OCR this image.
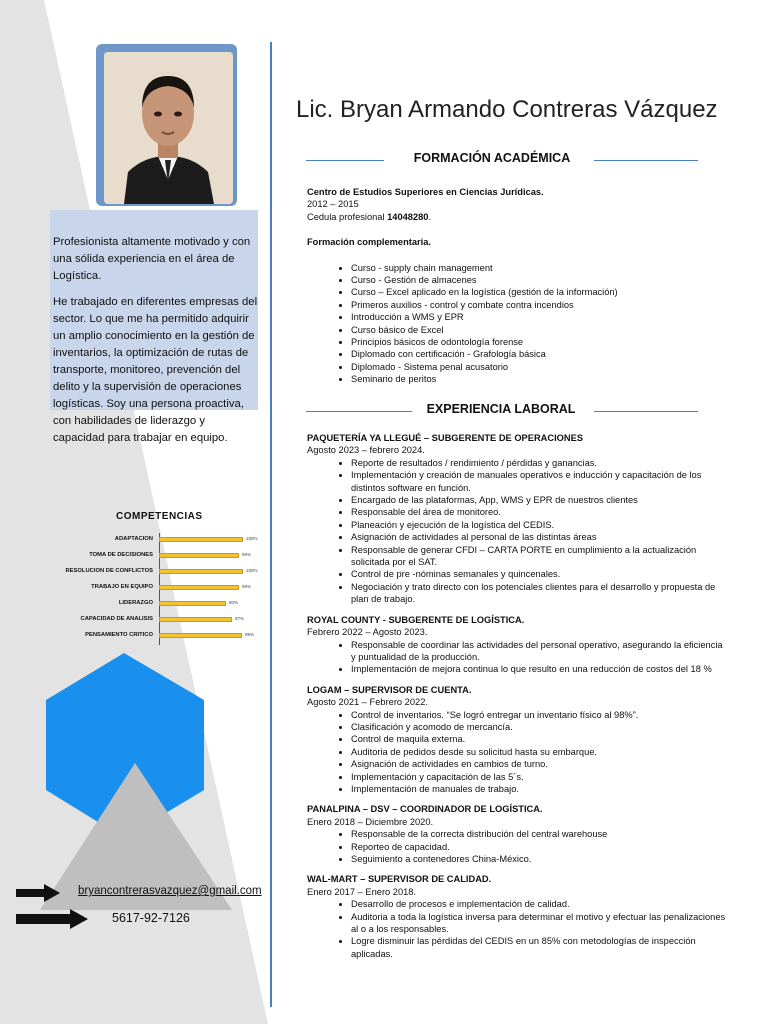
Profesionista altamente motivado y con una sólida experiencia en el área de Logística.

He trabajado en diferentes empresas del sector. Lo que me ha permitido adquirir un amplio conocimiento en la gestión de inventarios, la optimización de rutas de transporte, monitoreo, prevención del delito y la supervisión de operaciones logísticas. Soy una persona proactiva, con habilidades de liderazgo y capacidad para trabajar en equipo.

COMPETENCIAS
ADAPTACION	100%
TOMA DE DECISIONES	95%
RESOLUCION DE CONFLICTOS	100%
TRABAJO EN EQUIPO	95%
LIDERAZGO	80%
CAPACIDAD DE ANALISIS	87%
PENSAMIENTO CRITICO	99%
bryancontrerasvazquez@gmail.com
5617-92-7126
Lic. Bryan Armando Contreras Vázquez
FORMACIÓN ACADÉMICA
Centro de Estudios Superiores en Ciencias Jurídicas.
2012 – 2015
Cedula profesional 14048280.
Formación complementaria.
• Curso - supply chain management
• Curso - Gestión de almacenes
• Curso – Excel aplicado en la logística (gestión de la información)
• Primeros auxilios - control y combate contra incendios
• Introducción a WMS y EPR
• Curso básico de Excel
• Principios básicos de odontología forense
• Diplomado con certificación - Grafología básica
• Diplomado - Sistema penal acusatorio
• Seminario de peritos
EXPERIENCIA LABORAL
PAQUETERÍA YA LLEGUÉ – SUBGERENTE DE OPERACIONES
Agosto 2023 – febrero 2024.
• Reporte de resultados / rendimiento / pérdidas y ganancias.
• Implementación y creación de manuales operativos e inducción y capacitación de los distintos software en función.
• Encargado de las plataformas, App, WMS y EPR de nuestros clientes
• Responsable del área de monitoreo.
• Planeación y ejecución de la logística del CEDIS.
• Asignación de actividades al personal de las distintas áreas
• Responsable de generar CFDI – CARTA PORTE en cumplimiento a la actualización solicitada por el SAT.
• Control de pre -nóminas semanales y quincenales.
• Negociación y trato directo con los potenciales clientes para el desarrollo y propuesta de plan de trabajo.
ROYAL COUNTY - SUBGERENTE DE LOGÍSTICA.
Febrero 2022 – Agosto 2023.
• Responsable de coordinar las actividades del personal operativo, asegurando la eficiencia y puntualidad de la producción.
• Implementación de mejora continua lo que resulto en una reducción de costos del 18 %
LOGAM – SUPERVISOR DE CUENTA.
Agosto 2021 – Febrero 2022.
• Control de inventarios. “Se logró entregar un inventario físico al 98%”.
• Clasificación y acomodo de mercancía.
• Control de maquila externa.
• Auditoria de pedidos desde su solicitud hasta su embarque.
• Asignación de actividades en cambios de turno.
• Implementación y capacitación de las 5´s.
• Implementación de manuales de trabajo.
PANALPINA – DSV – COORDINADOR DE LOGÍSTICA.
Enero 2018 – Diciembre 2020.
• Responsable de la correcta distribución del central warehouse
• Reporteo de capacidad.
• Seguimiento a contenedores China-México.
WAL-MART – SUPERVISOR DE CALIDAD.
Enero 2017 – Enero 2018.
• Desarrollo de procesos e implementación de calidad.
• Auditoria a toda la logística inversa para determinar el motivo y efectuar las penalizaciones al o a los responsables.
• Logre disminuir las pérdidas del CEDIS en un 85% con metodologías de inspección aplicadas.
